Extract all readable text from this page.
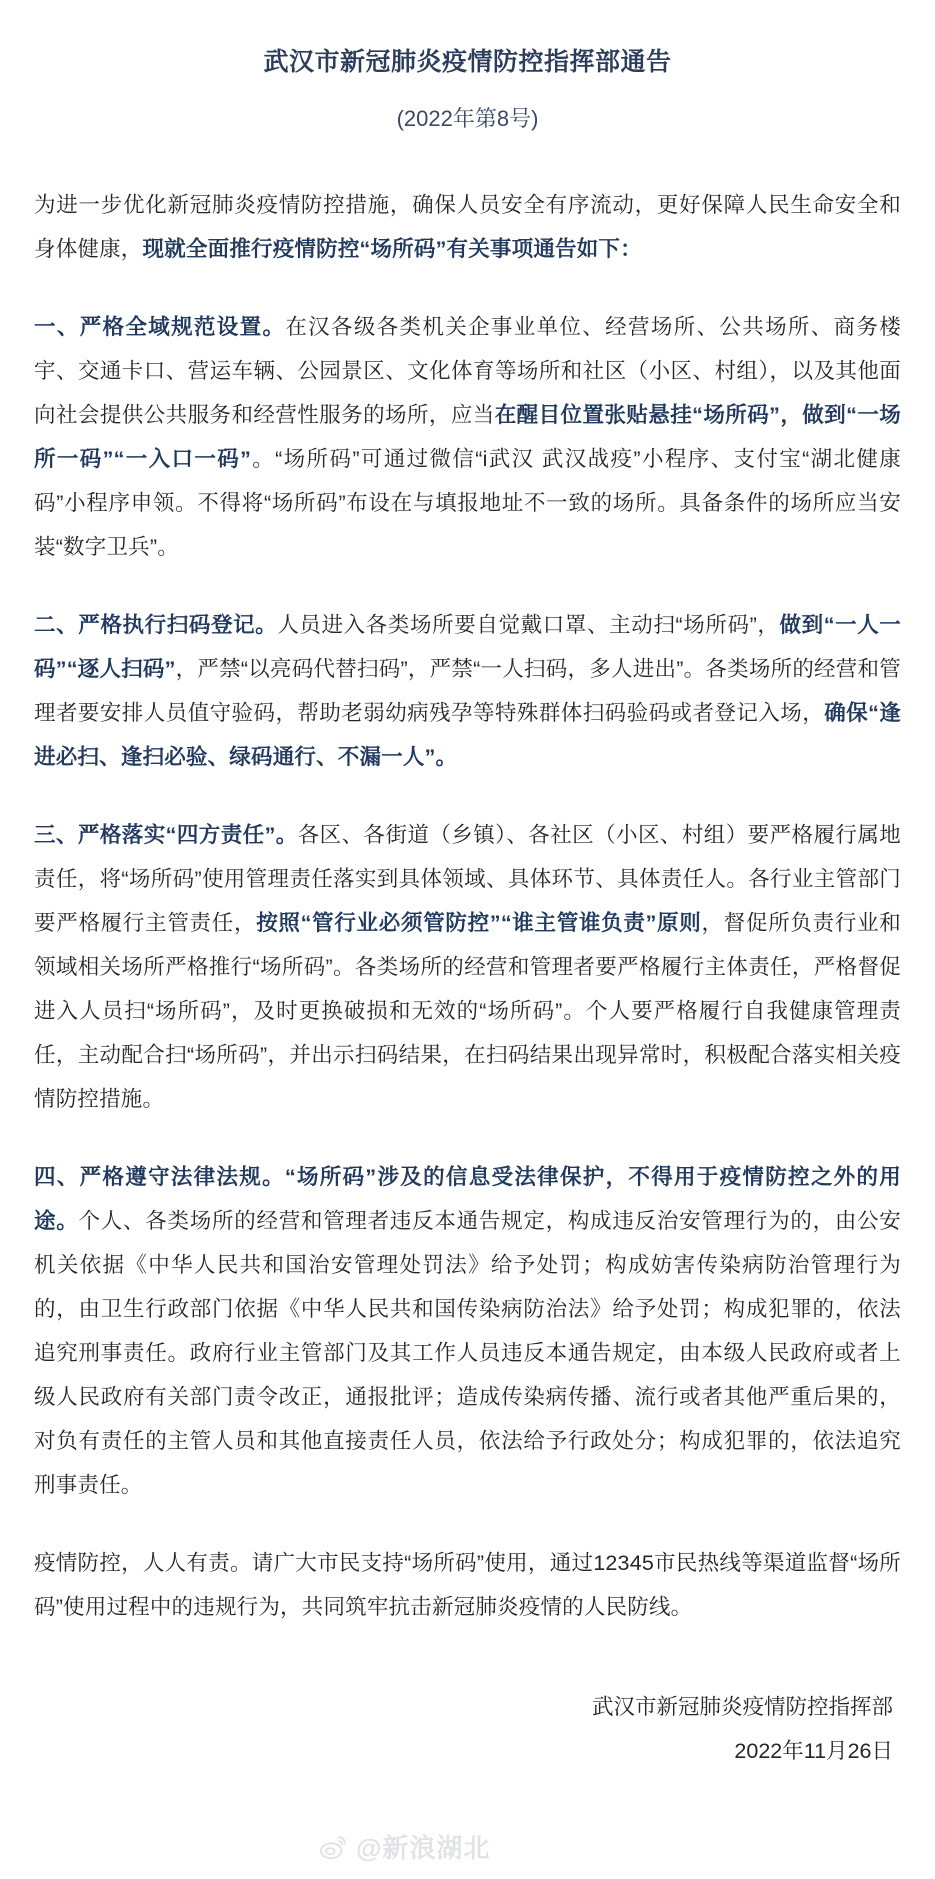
武汉市新冠肺炎疫情防控指挥部通告
(2022年第8号)

为进一步优化新冠肺炎疫情防控措施，确保人员安全有序流动，更好保障人民生命安全和身体健康，现就全面推行疫情防控“场所码”有关事项通告如下：

一、严格全域规范设置。在汉各级各类机关企事业单位、经营场所、公共场所、商务楼宇、交通卡口、营运车辆、公园景区、文化体育等场所和社区（小区、村组），以及其他面向社会提供公共服务和经营性服务的场所，应当在醒目位置张贴悬挂“场所码”，做到“一场所一码”“一入口一码”。“场所码”可通过微信“i武汉 武汉战疫”小程序、支付宝“湖北健康码”小程序申领。不得将“场所码”布设在与填报地址不一致的场所。具备条件的场所应当安装“数字卫兵”。

二、严格执行扫码登记。人员进入各类场所要自觉戴口罩、主动扫“场所码”，做到“一人一码”“逐人扫码”，严禁“以亮码代替扫码”，严禁“一人扫码，多人进出”。各类场所的经营和管理者要安排人员值守验码，帮助老弱幼病残孕等特殊群体扫码验码或者登记入场，确保“逢进必扫、逢扫必验、绿码通行、不漏一人”。

三、严格落实“四方责任”。各区、各街道（乡镇）、各社区（小区、村组）要严格履行属地责任，将“场所码”使用管理责任落实到具体领域、具体环节、具体责任人。各行业主管部门要严格履行主管责任，按照“管行业必须管防控”“谁主管谁负责”原则，督促所负责行业和领域相关场所严格推行“场所码”。各类场所的经营和管理者要严格履行主体责任，严格督促进入人员扫“场所码”，及时更换破损和无效的“场所码”。个人要严格履行自我健康管理责任，主动配合扫“场所码”，并出示扫码结果，在扫码结果出现异常时，积极配合落实相关疫情防控措施。

四、严格遵守法律法规。“场所码”涉及的信息受法律保护，不得用于疫情防控之外的用途。个人、各类场所的经营和管理者违反本通告规定，构成违反治安管理行为的，由公安机关依据《中华人民共和国治安管理处罚法》给予处罚；构成妨害传染病防治管理行为的，由卫生行政部门依据《中华人民共和国传染病防治法》给予处罚；构成犯罪的，依法追究刑事责任。政府行业主管部门及其工作人员违反本通告规定，由本级人民政府或者上级人民政府有关部门责令改正，通报批评；造成传染病传播、流行或者其他严重后果的，对负有责任的主管人员和其他直接责任人员，依法给予行政处分；构成犯罪的，依法追究刑事责任。

疫情防控，人人有责。请广大市民支持“场所码”使用，通过12345市民热线等渠道监督“场所码”使用过程中的违规行为，共同筑牢抗击新冠肺炎疫情的人民防线。

武汉市新冠肺炎疫情防控指挥部
2022年11月26日
@新浪湖北
